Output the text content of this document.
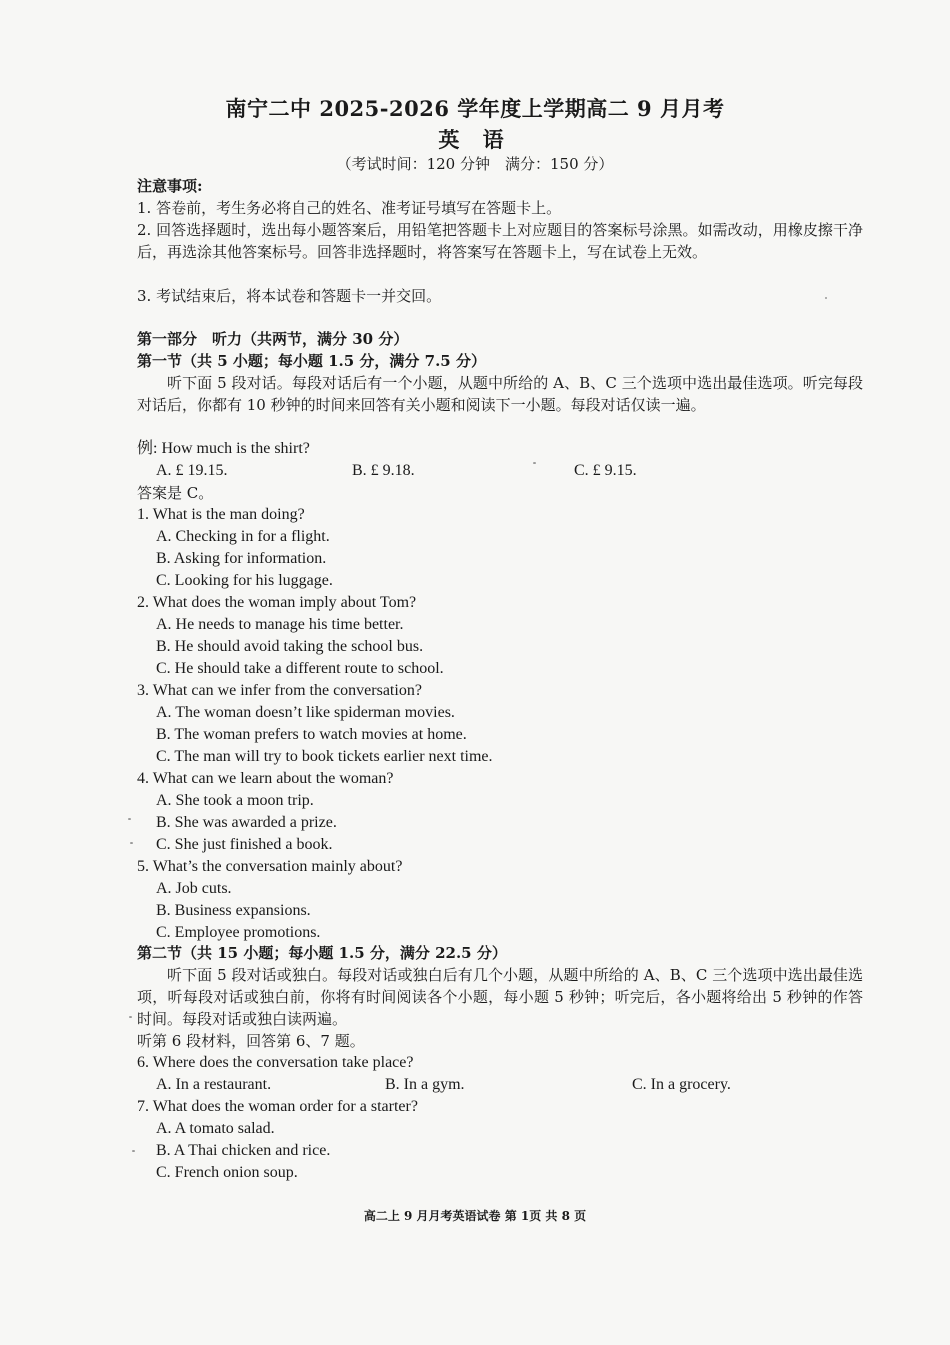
南宁二中 2025-2026 学年度上学期高二 9 月月考
英 语
（考试时间：120 分钟　满分：150 分）
注意事项:
1. 答卷前，考生务必将自己的姓名、准考证号填写在答题卡上。
2. 回答选择题时，选出每小题答案后，用铅笔把答题卡上对应题目的答案标号涂黑。如需改动，用橡皮擦干净后，再选涂其他答案标号。回答非选择题时，将答案写在答题卡上，写在试卷上无效。
3. 考试结束后，将本试卷和答题卡一并交回。
第一部分　听力（共两节，满分 30 分）
第一节（共 5 小题；每小题 1.5 分，满分 7.5 分）
听下面 5 段对话。每段对话后有一个小题，从题中所给的 A、B、C 三个选项中选出最佳选项。听完每段对话后，你都有 10 秒钟的时间来回答有关小题和阅读下一小题。每段对话仅读一遍。
例: How much is the shirt?
A. £ 19.15.	B. £ 9.18.	C. £ 9.15.
答案是 C。
1. What is the man doing?
A. Checking in for a flight.
B. Asking for information.
C. Looking for his luggage.
2. What does the woman imply about Tom?
A. He needs to manage his time better.
B. He should avoid taking the school bus.
C. He should take a different route to school.
3. What can we infer from the conversation?
A. The woman doesn’t like spiderman movies.
B. The woman prefers to watch movies at home.
C. The man will try to book tickets earlier next time.
4. What can we learn about the woman?
A. She took a moon trip.
B. She was awarded a prize.
C. She just finished a book.
5. What’s the conversation mainly about?
A. Job cuts.
B. Business expansions.
C. Employee promotions.
第二节（共 15 小题；每小题 1.5 分，满分 22.5 分）
听下面 5 段对话或独白。每段对话或独白后有几个小题，从题中所给的 A、B、C 三个选项中选出最佳选项，听每段对话或独白前，你将有时间阅读各个小题，每小题 5 秒钟；听完后，各小题将给出 5 秒钟的作答时间。每段对话或独白读两遍。
听第 6 段材料，回答第 6、7 题。
6. Where does the conversation take place?
A. In a restaurant.	B. In a gym.	C. In a grocery.
7. What does the woman order for a starter?
A. A tomato salad.
B. A Thai chicken and rice.
C. French onion soup.
高二上 9 月月考英语试卷 第 1页 共 8 页
